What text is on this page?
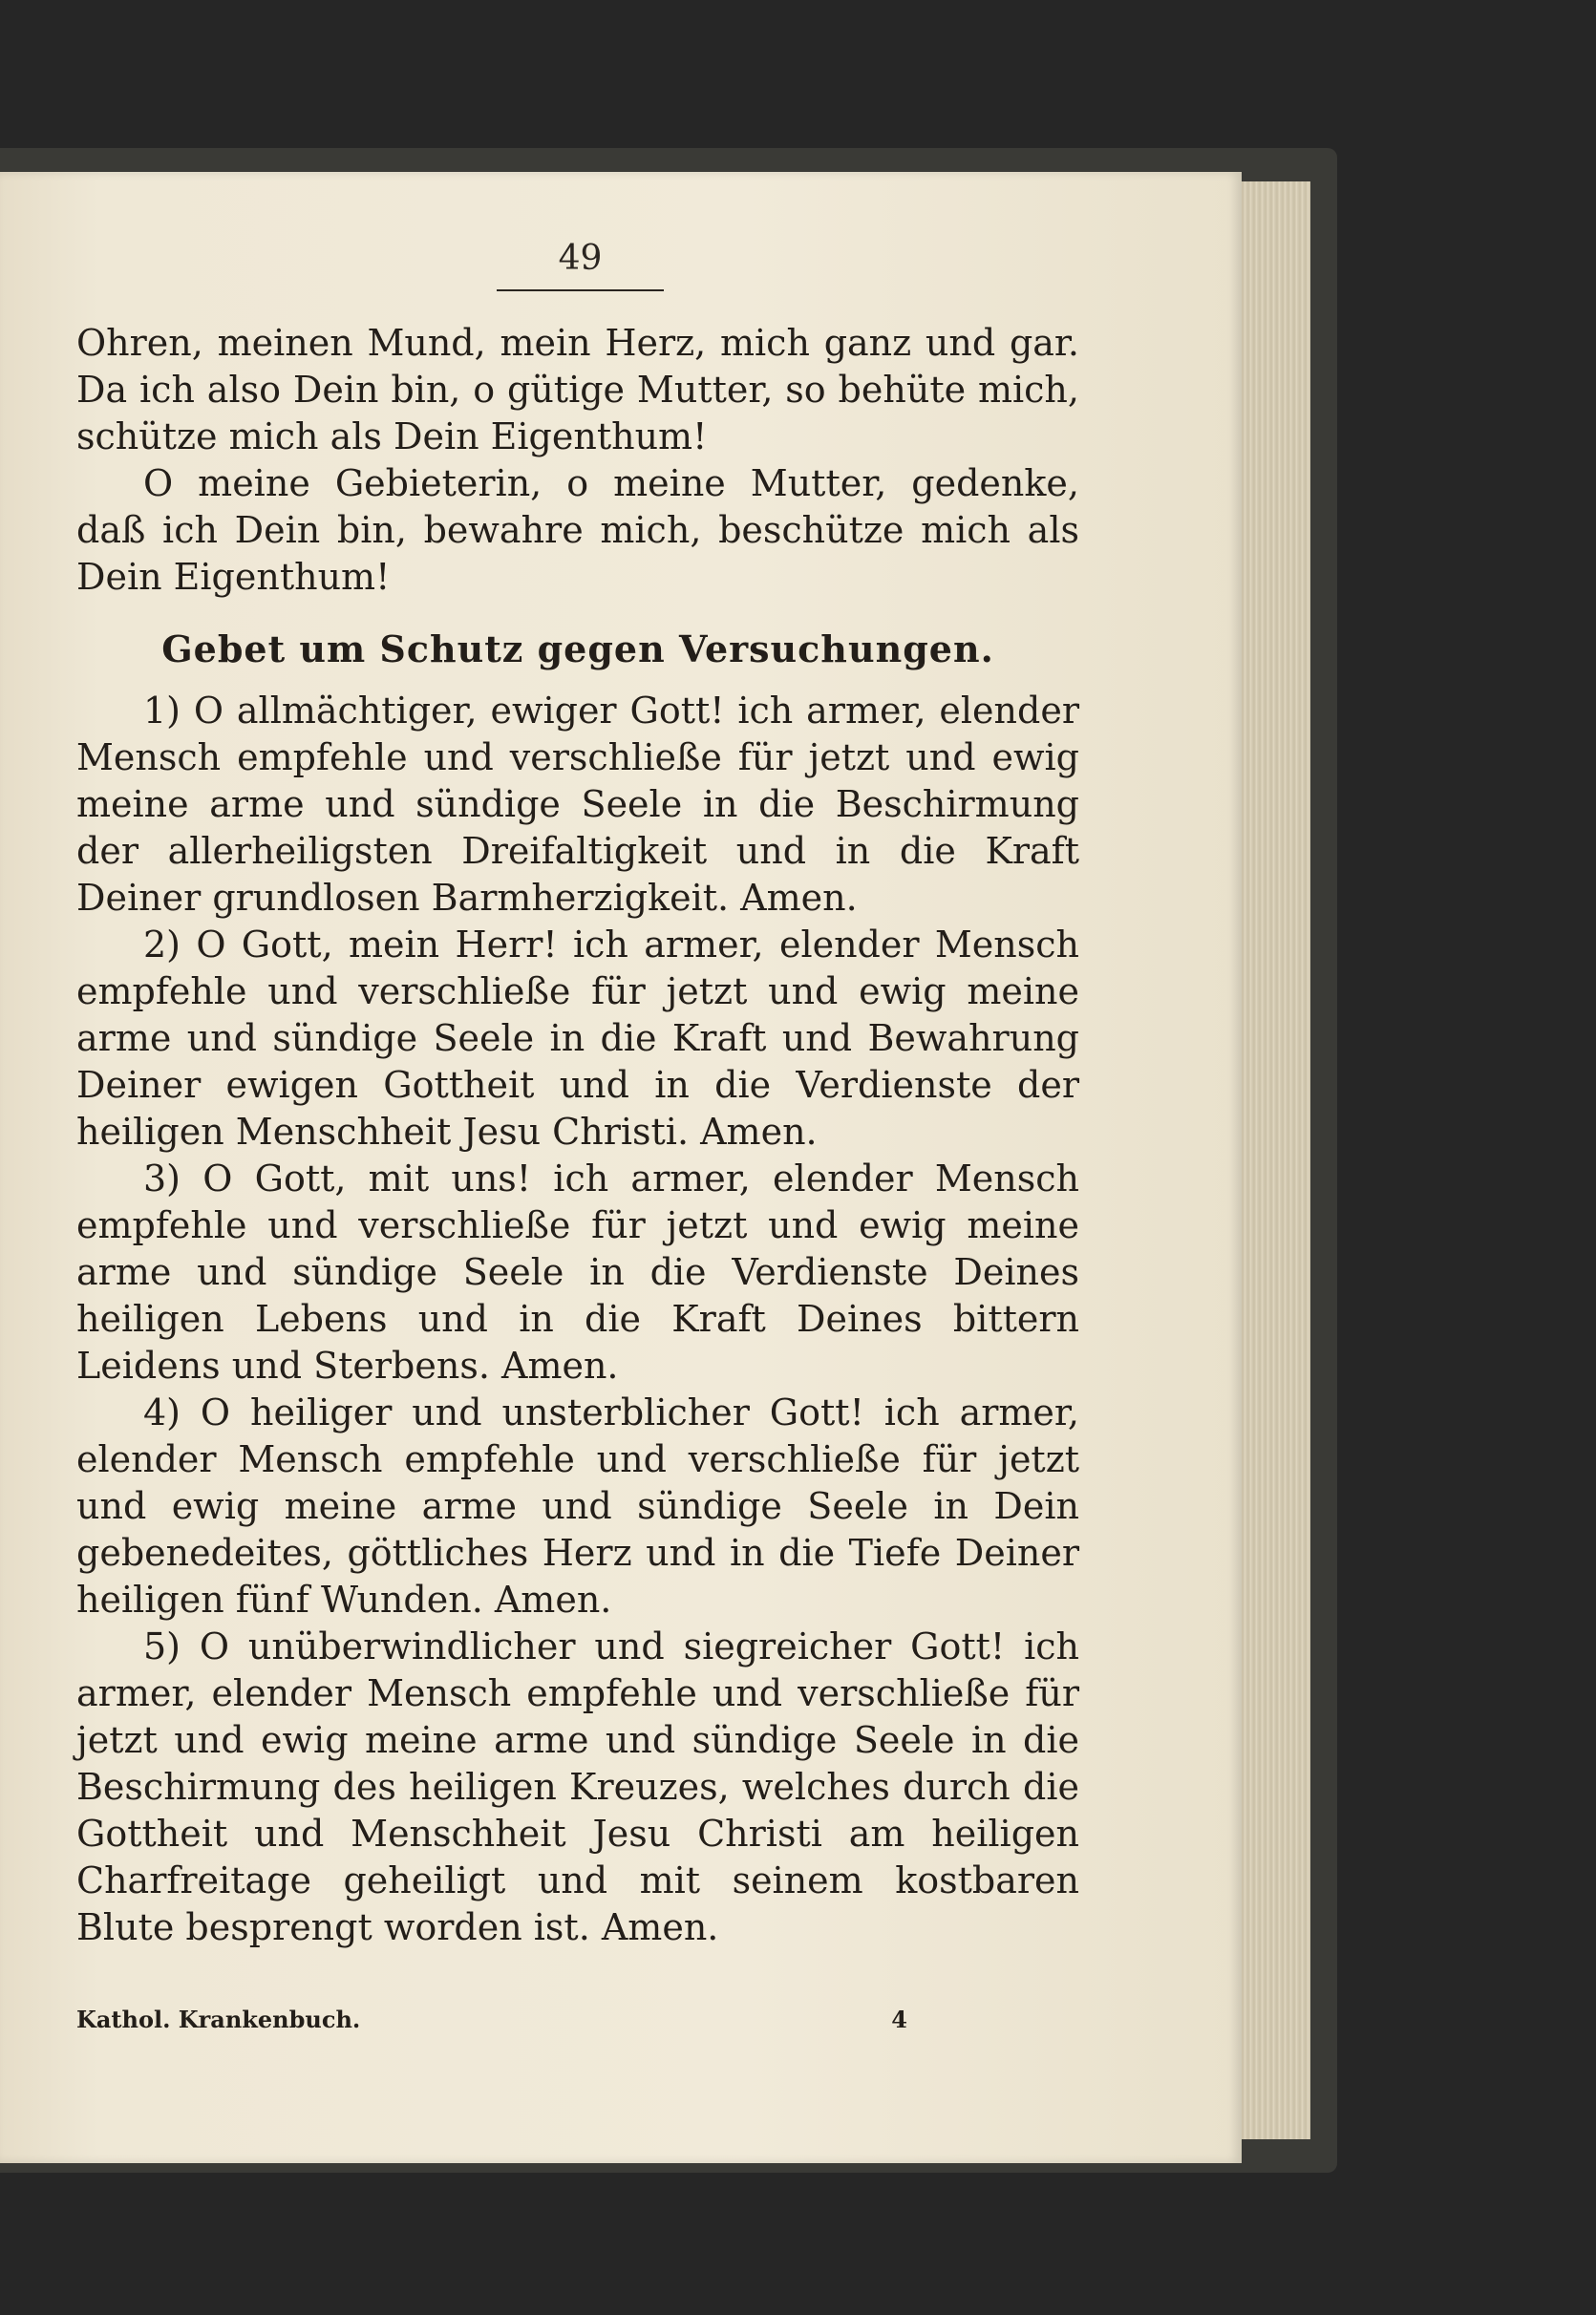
49

Ohren, meinen Mund, mein Herz, mich ganz und gar. Da ich also Dein bin, o gütige Mutter, so behüte mich, schütze mich als Dein Eigenthum!

O meine Gebieterin, o meine Mutter, gedenke, daß ich Dein bin, bewahre mich, beschütze mich als Dein Eigenthum!

Gebet um Schutz gegen Versuchungen.

1) O allmächtiger, ewiger Gott! ich armer, elender Mensch empfehle und verschließe für jetzt und ewig meine arme und sündige Seele in die Beschirmung der allerheiligsten Dreifaltigkeit und in die Kraft Deiner grundlosen Barmherzigkeit. Amen.

2) O Gott, mein Herr! ich armer, elender Mensch empfehle und verschließe für jetzt und ewig meine arme und sündige Seele in die Kraft und Bewahrung Deiner ewigen Gottheit und in die Verdienste der heiligen Menschheit Jesu Christi. Amen.

3) O Gott, mit uns! ich armer, elender Mensch empfehle und verschließe für jetzt und ewig meine arme und sündige Seele in die Verdienste Deines heiligen Lebens und in die Kraft Deines bittern Leidens und Sterbens. Amen.

4) O heiliger und unsterblicher Gott! ich armer, elender Mensch empfehle und verschließe für jetzt und ewig meine arme und sündige Seele in Dein gebenedeites, göttliches Herz und in die Tiefe Deiner heiligen fünf Wunden. Amen.

5) O unüberwindlicher und siegreicher Gott! ich armer, elender Mensch empfehle und verschließe für jetzt und ewig meine arme und sündige Seele in die Beschirmung des heiligen Kreuzes, welches durch die Gottheit und Menschheit Jesu Christi am heiligen Charfreitage geheiligt und mit seinem kostbaren Blute besprengt worden ist. Amen.

Kathol. Krankenbuch.	4
